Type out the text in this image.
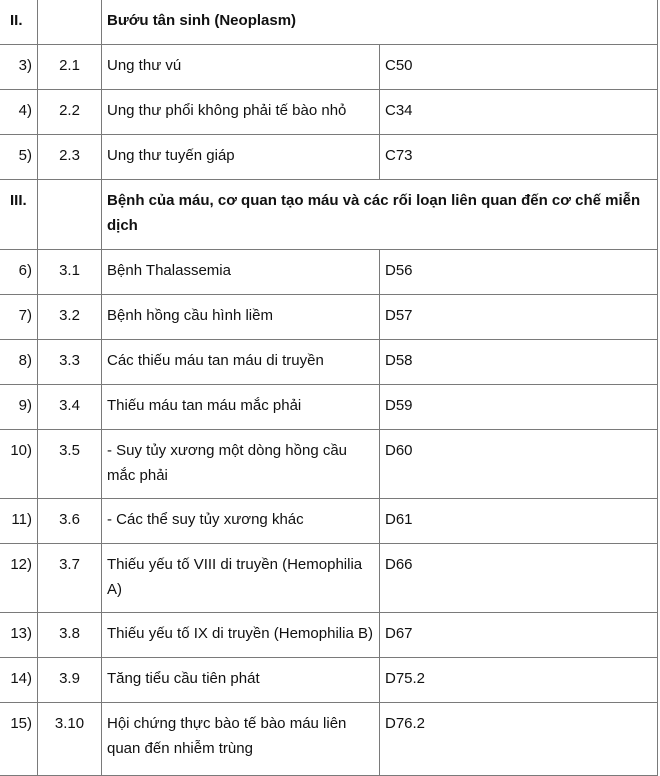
II.		Bướu tân sinh (Neoplasm)	
3)	2.1	Ung thư vú	C50
4)	2.2	Ung thư phổi không phải tế bào nhỏ	C34
5)	2.3	Ung thư tuyến giáp	C73
III.		Bệnh của máu, cơ quan tạo máu và các rối loạn liên quan đến cơ chế miễn dịch	
6)	3.1	Bệnh Thalassemia	D56
7)	3.2	Bệnh hồng cầu hình liềm	D57
8)	3.3	Các thiếu máu tan máu di truyền	D58
9)	3.4	Thiếu máu tan máu mắc phải	D59
10)	3.5	- Suy tủy xương một dòng hồng cầu mắc phải	D60
11)	3.6	- Các thể suy tủy xương khác	D61
12)	3.7	Thiếu yếu tố VIII di truyền (Hemophilia A)	D66
13)	3.8	Thiếu yếu tố IX di truyền (Hemophilia B)	D67
14)	3.9	Tăng tiểu cầu tiên phát	D75.2
15)	3.10	Hội chứng thực bào tế bào máu liên quan đến nhiễm trùng	D76.2
